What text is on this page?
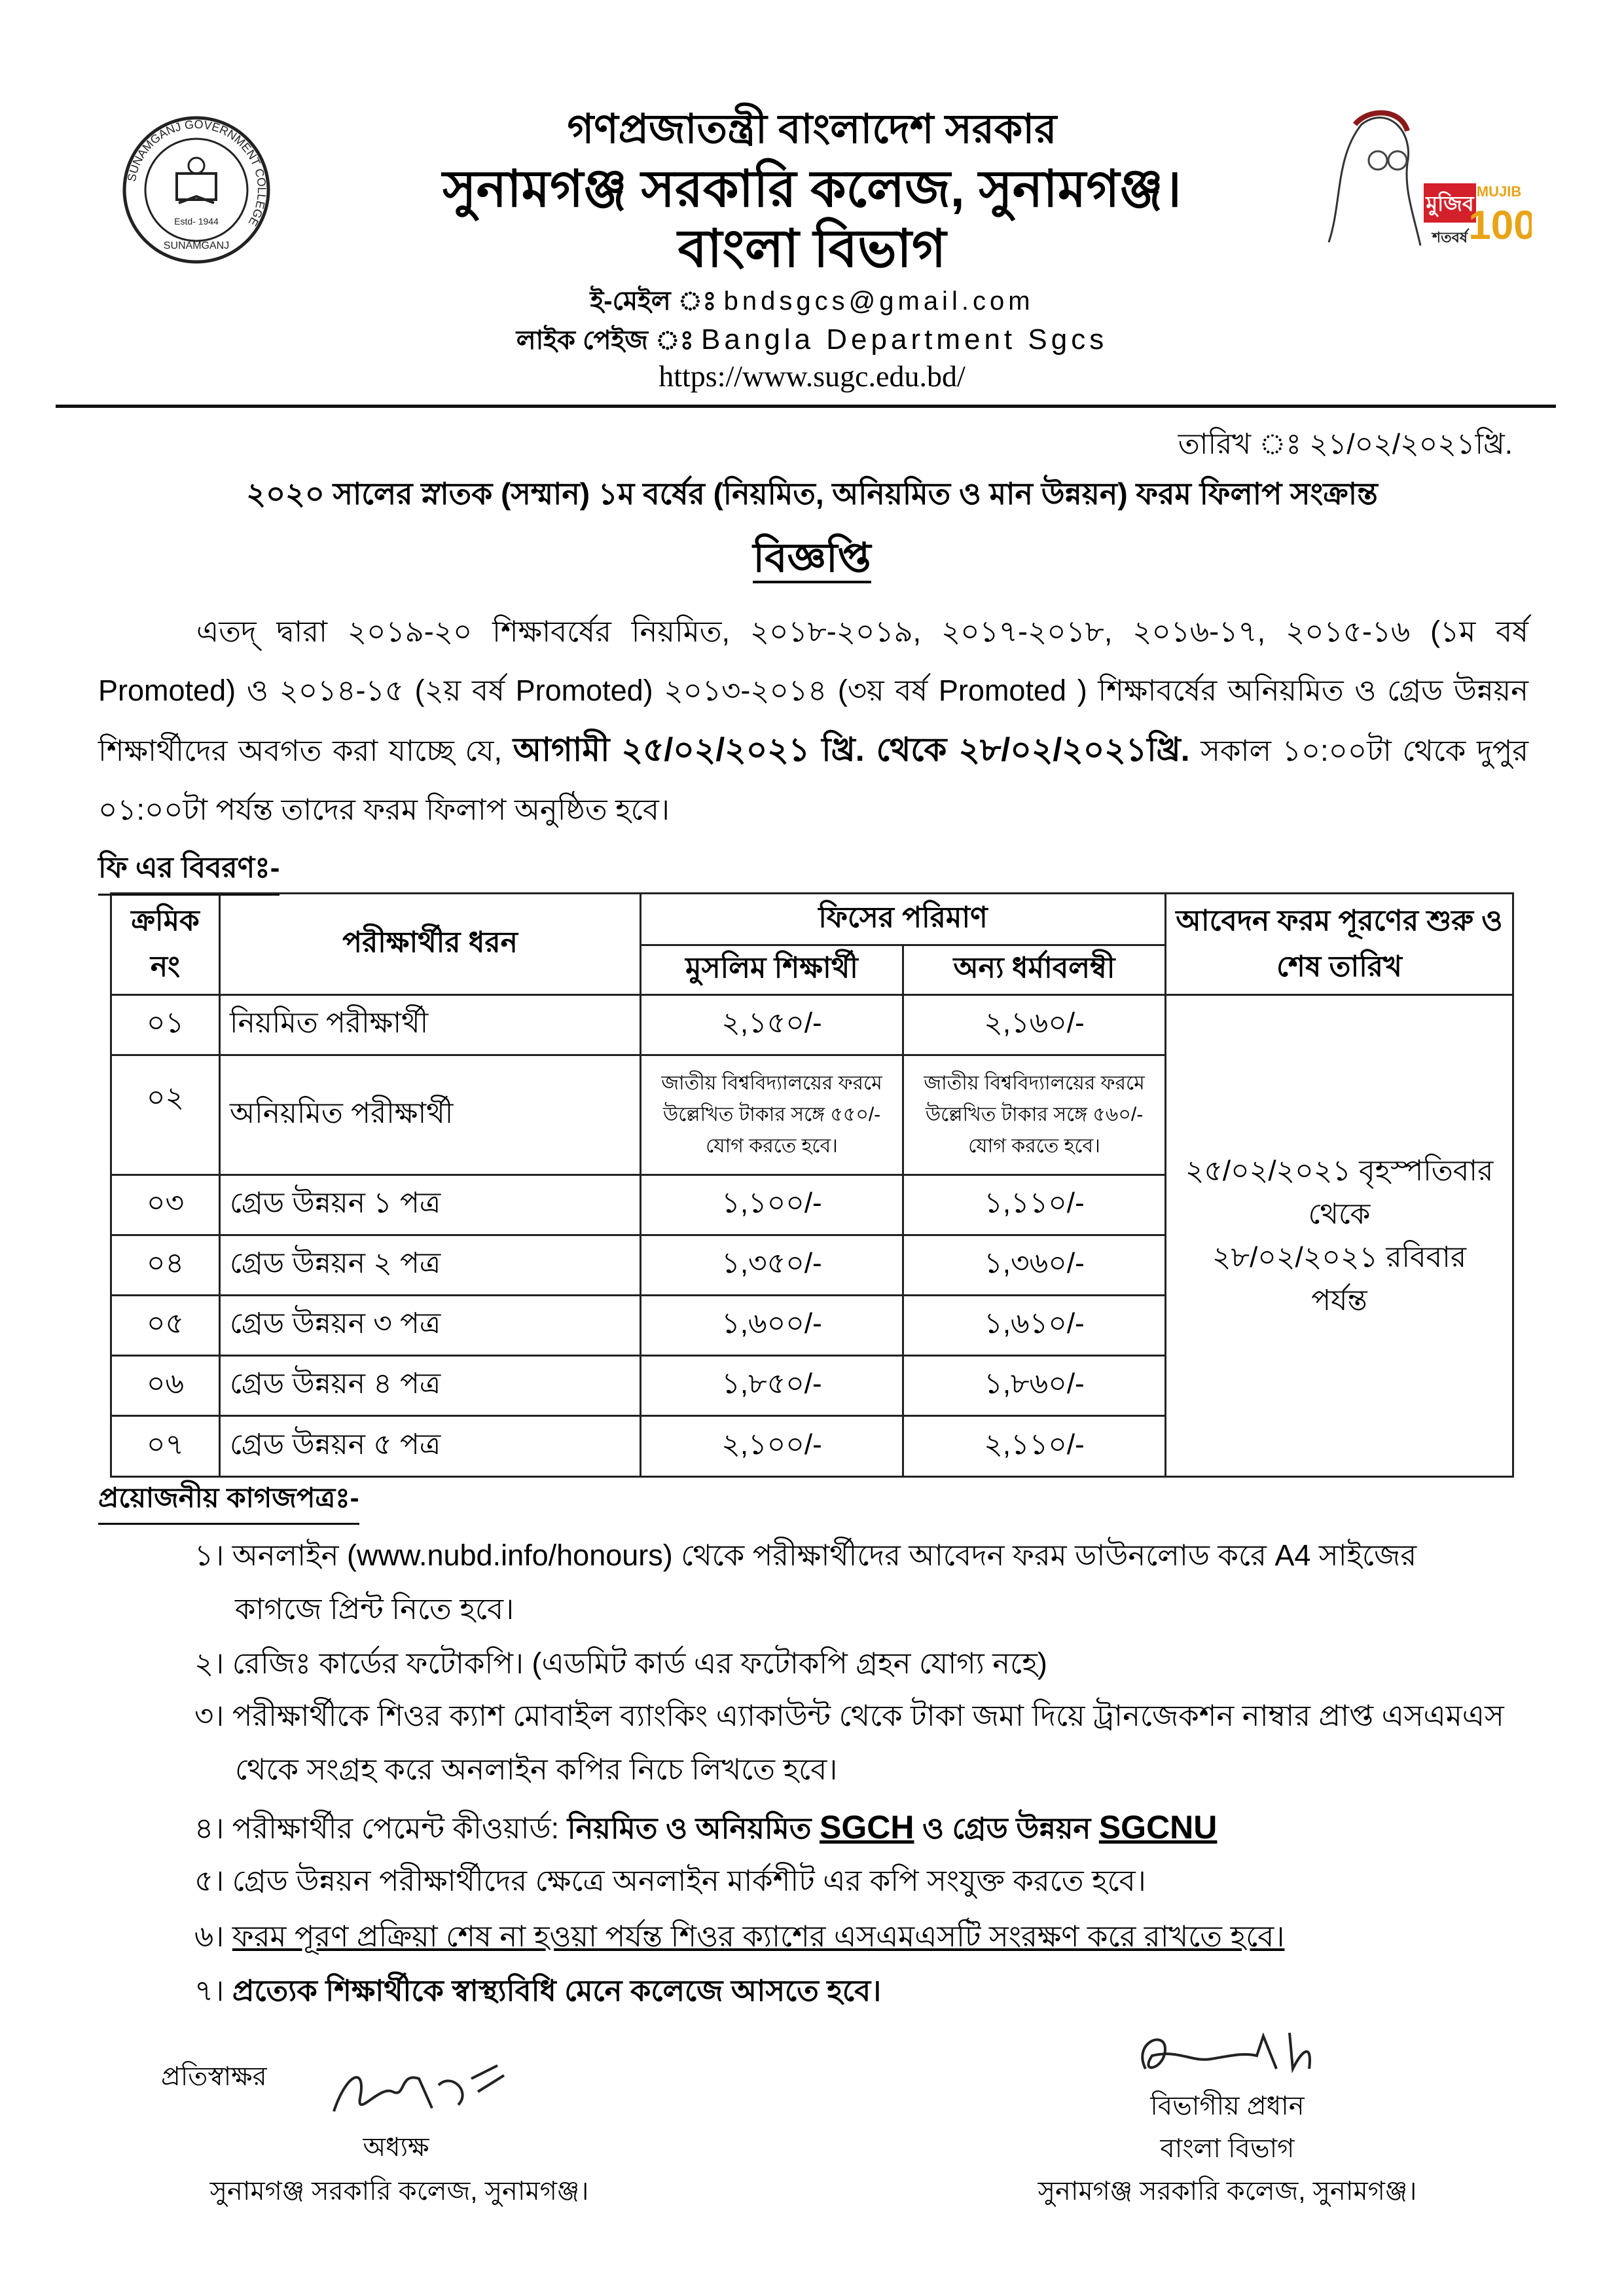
SUNAMGANJ GOVERNMENT COLLEGE
SUNAMGANJ
Estd- 1944
মুজিব
শতবর্ষ
MUJIB
100
গণপ্রজাতন্ত্রী বাংলাদেশ সরকার
সুনামগঞ্জ সরকারি কলেজ, সুনামগঞ্জ।
বাংলা বিভাগ
ই-মেইল ঃ bndsgcs@gmail.com
লাইক পেইজ ঃ Bangla Department Sgcs
https://www.sugc.edu.bd/
তারিখ ঃ ২১/০২/২০২১খ্রি.
২০২০ সালের স্নাতক (সম্মান) ১ম বর্ষের (নিয়মিত, অনিয়মিত ও মান উন্নয়ন) ফরম ফিলাপ সংক্রান্ত
বিজ্ঞপ্তি
এতদ্ দ্বারা ২০১৯-২০ শিক্ষাবর্ষের নিয়মিত, ২০১৮-২০১৯, ২০১৭-২০১৮, ২০১৬-১৭, ২০১৫-১৬ (১ম বর্ষ Promoted) ও ২০১৪-১৫ (২য় বর্ষ Promoted) ২০১৩-২০১৪ (৩য় বর্ষ Promoted ) শিক্ষাবর্ষের অনিয়মিত ও গ্রেড উন্নয়ন শিক্ষার্থীদের অবগত করা যাচ্ছে যে, আগামী ২৫/০২/২০২১ খ্রি. থেকে ২৮/০২/২০২১খ্রি. সকাল ১০:০০টা থেকে দুপুর ০১:০০টা পর্যন্ত তাদের ফরম ফিলাপ অনুষ্ঠিত হবে।
ফি এর বিবরণঃ-
ক্রমিক নং	পরীক্ষার্থীর ধরন	ফিসের পরিমাণ		আবেদন ফরম পূরণের শুরু ও শেষ তারিখ
		মুসলিম শিক্ষার্থী	অন্য ধর্মাবলম্বী	
০১	নিয়মিত পরীক্ষার্থী	২,১৫০/-	২,১৬০/-	২৫/০২/২০২১ বৃহস্পতিবার
থেকে
২৮/০২/২০২১ রবিবার
পর্যন্ত

০২	অনিয়মিত পরীক্ষার্থী	জাতীয় বিশ্ববিদ্যালয়ের ফরমে উল্লেখিত টাকার সঙ্গে ৫৫০/- যোগ করতে হবে।	জাতীয় বিশ্ববিদ্যালয়ের ফরমে উল্লেখিত টাকার সঙ্গে ৫৬০/- যোগ করতে হবে।	
০৩	গ্রেড উন্নয়ন ১ পত্র	১,১০০/-	১,১১০/-	
০৪	গ্রেড উন্নয়ন ২ পত্র	১,৩৫০/-	১,৩৬০/-	
০৫	গ্রেড উন্নয়ন ৩ পত্র	১,৬০০/-	১,৬১০/-	
০৬	গ্রেড উন্নয়ন ৪ পত্র	১,৮৫০/-	১,৮৬০/-	
০৭	গ্রেড উন্নয়ন ৫ পত্র	২,১০০/-	২,১১০/-	
প্রয়োজনীয় কাগজপত্রঃ-
১। অনলাইন (www.nubd.info/honours) থেকে পরীক্ষার্থীদের আবেদন ফরম ডাউনলোড করে A4 সাইজের
কাগজে প্রিন্ট নিতে হবে।
২। রেজিঃ কার্ডের ফটোকপি। (এডমিট কার্ড এর ফটোকপি গ্রহন যোগ্য নহে)
৩। পরীক্ষার্থীকে শিওর ক্যাশ মোবাইল ব্যাংকিং এ্যাকাউন্ট থেকে টাকা জমা দিয়ে ট্রানজেকশন নাম্বার প্রাপ্ত এসএমএস
থেকে সংগ্রহ করে অনলাইন কপির নিচে লিখতে হবে।
৪। পরীক্ষার্থীর পেমেন্ট কীওয়ার্ড: নিয়মিত ও অনিয়মিত SGCH ও গ্রেড উন্নয়ন SGCNU
৫। গ্রেড উন্নয়ন পরীক্ষার্থীদের ক্ষেত্রে অনলাইন মার্কশীট এর কপি সংযুক্ত করতে হবে।
৬। ফরম পূরণ প্রক্রিয়া শেষ না হওয়া পর্যন্ত শিওর ক্যাশের এসএমএসটি সংরক্ষণ করে রাখতে হবে।
৭। প্রত্যেক শিক্ষার্থীকে স্বাস্থ্যবিধি মেনে কলেজে আসতে হবে।
প্রতিস্বাক্ষর
অধ্যক্ষ
সুনামগঞ্জ সরকারি কলেজ, সুনামগঞ্জ।
বিভাগীয় প্রধান
বাংলা বিভাগ
সুনামগঞ্জ সরকারি কলেজ, সুনামগঞ্জ।
